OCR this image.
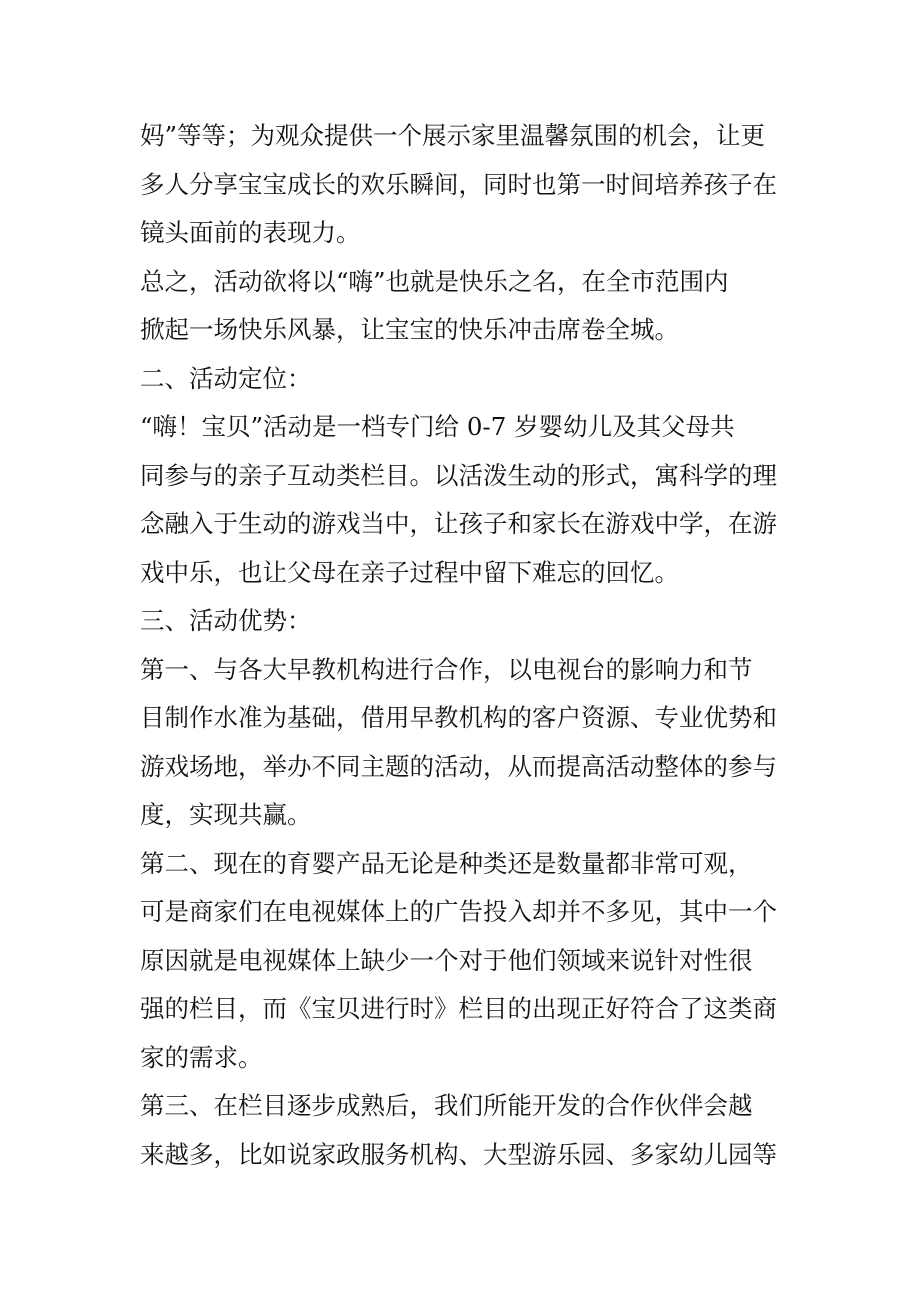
妈”等等；为观众提供一个展示家里温馨氛围的机会，让更
多人分享宝宝成长的欢乐瞬间，同时也第一时间培养孩子在
镜头面前的表现力。
总之，活动欲将以“嗨”也就是快乐之名，在全市范围内
掀起一场快乐风暴，让宝宝的快乐冲击席卷全城。
二、活动定位：
“嗨！宝贝”活动是一档专门给 0-7 岁婴幼儿及其父母共
同参与的亲子互动类栏目。以活泼生动的形式，寓科学的理
念融入于生动的游戏当中，让孩子和家长在游戏中学，在游
戏中乐，也让父母在亲子过程中留下难忘的回忆。
三、活动优势：
第一、与各大早教机构进行合作，以电视台的影响力和节
目制作水准为基础，借用早教机构的客户资源、专业优势和
游戏场地，举办不同主题的活动，从而提高活动整体的参与
度，实现共赢。
第二、现在的育婴产品无论是种类还是数量都非常可观，
可是商家们在电视媒体上的广告投入却并不多见，其中一个
原因就是电视媒体上缺少一个对于他们领域来说针对性很
强的栏目，而《宝贝进行时》栏目的出现正好符合了这类商
家的需求。
第三、在栏目逐步成熟后，我们所能开发的合作伙伴会越
来越多，比如说家政服务机构、大型游乐园、多家幼儿园等
